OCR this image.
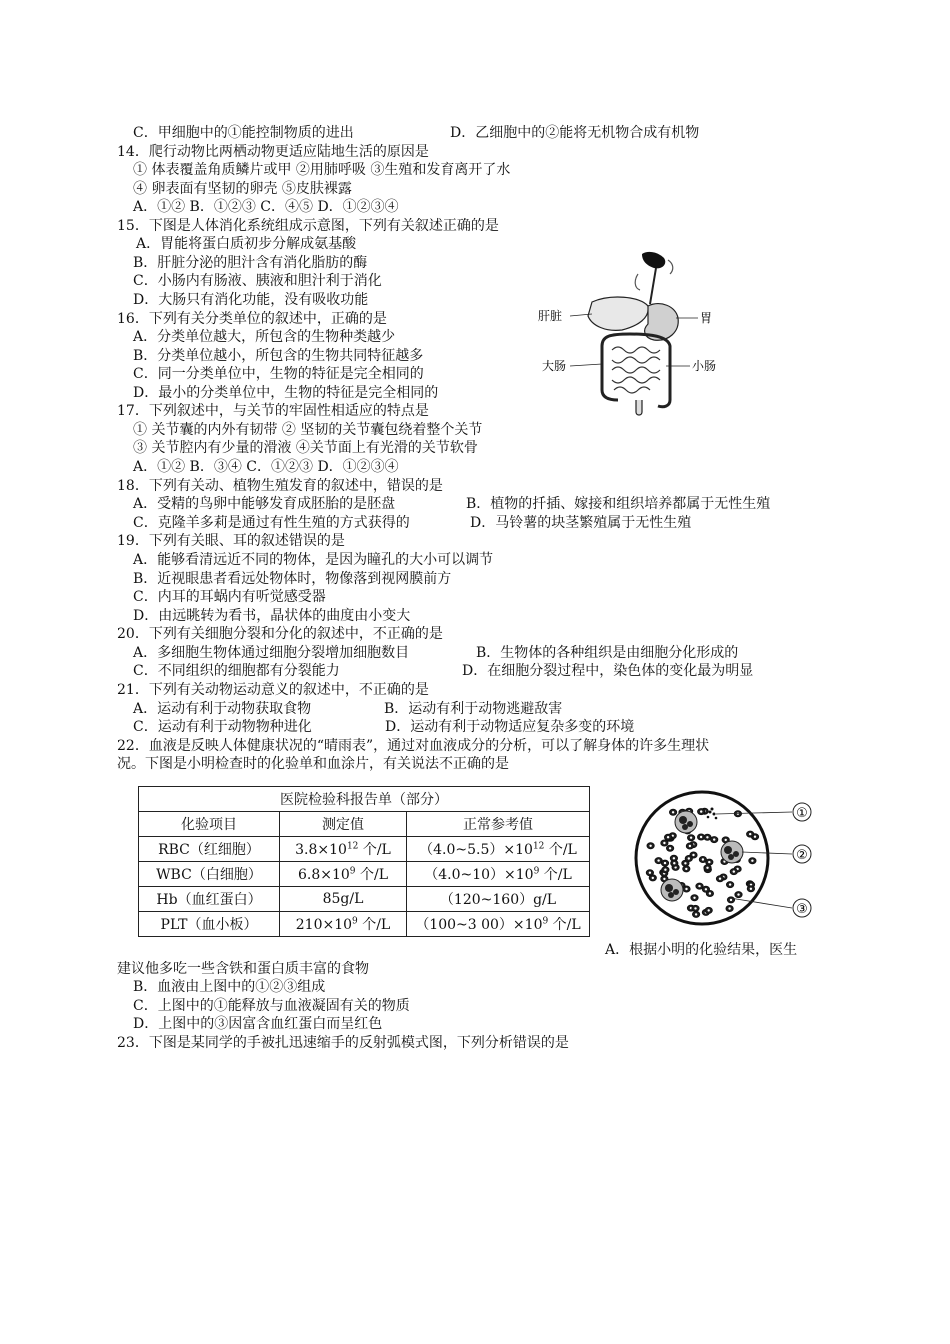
C．甲细胞中的①能控制物质的进出	D．乙细胞中的②能将无机物合成有机物
14．爬行动物比两栖动物更适应陆地生活的原因是
① 体表覆盖角质鳞片或甲 ②用肺呼吸 ③生殖和发育离开了水
④ 卵表面有坚韧的卵壳 ⑤皮肤裸露
A．①② B．①②③ C．④⑤ D．①②③④
15．下图是人体消化系统组成示意图，下列有关叙述正确的是
A．胃能将蛋白质初步分解成氨基酸
B．肝脏分泌的胆汁含有消化脂肪的酶
C．小肠内有肠液、胰液和胆汁利于消化
D．大肠只有消化功能，没有吸收功能
16．下列有关分类单位的叙述中，正确的是
A．分类单位越大，所包含的生物种类越少
B．分类单位越小，所包含的生物共同特征越多
C．同一分类单位中，生物的特征是完全相同的
D．最小的分类单位中，生物的特征是完全相同的
17．下列叙述中，与关节的牢固性相适应的特点是
① 关节囊的内外有韧带 ② 坚韧的关节囊包绕着整个关节
③ 关节腔内有少量的滑液 ④关节面上有光滑的关节软骨
A．①② B．③④ C．①②③ D．①②③④
18．下列有关动、植物生殖发育的叙述中，错误的是
A．受精的鸟卵中能够发育成胚胎的是胚盘	B．植物的扦插、嫁接和组织培养都属于无性生殖
C．克隆羊多莉是通过有性生殖的方式获得的	D．马铃薯的块茎繁殖属于无性生殖
19．下列有关眼、耳的叙述错误的是
A．能够看清远近不同的物体，是因为瞳孔的大小可以调节
B．近视眼患者看远处物体时，物像落到视网膜前方
C．内耳的耳蜗内有听觉感受器
D．由远眺转为看书，晶状体的曲度由小变大
20．下列有关细胞分裂和分化的叙述中，不正确的是
A．多细胞生物体通过细胞分裂增加细胞数目	B．生物体的各种组织是由细胞分化形成的
C．不同组织的细胞都有分裂能力	D．在细胞分裂过程中，染色体的变化最为明显
21．下列有关动物运动意义的叙述中，不正确的是
A．运动有利于动物获取食物	B．运动有利于动物逃避敌害
C．运动有利于动物物种进化	D．运动有利于动物适应复杂多变的环境
22．血液是反映人体健康状况的“晴雨表”，通过对血液成分的分析，可以了解身体的许多生理状
况。下图是小明检查时的化验单和血涂片，有关说法不正确的是
医院检验科报告单（部分）		
化验项目	测定值	正常参考值
RBC（红细胞）	$3.8\times 10^{12}$ 个/L	$(4.0\sim 5.5)\times 10^{12}$ 个/L
WBC（白细胞）	$6.8\times 10^9$ 个/L	$(4.0\sim 10)\times 10^9$ 个/L
Hb（血红蛋白）	85g/L	（120~160）g/L
PLT（血小板）	$210\times 10^9$ 个/L	（100~3 $00)\times 10^9$ 个/L
A．根据小明的化验结果，医生
建议他多吃一些含铁和蛋白质丰富的食物
B．血液由上图中的①②③组成
C．上图中的①能释放与血液凝固有关的物质
D．上图中的③因富含血红蛋白而呈红色
23．下图是某同学的手被扎迅速缩手的反射弧模式图，下列分析错误的是
肝脏	胃
大肠	小肠
①
②
③
